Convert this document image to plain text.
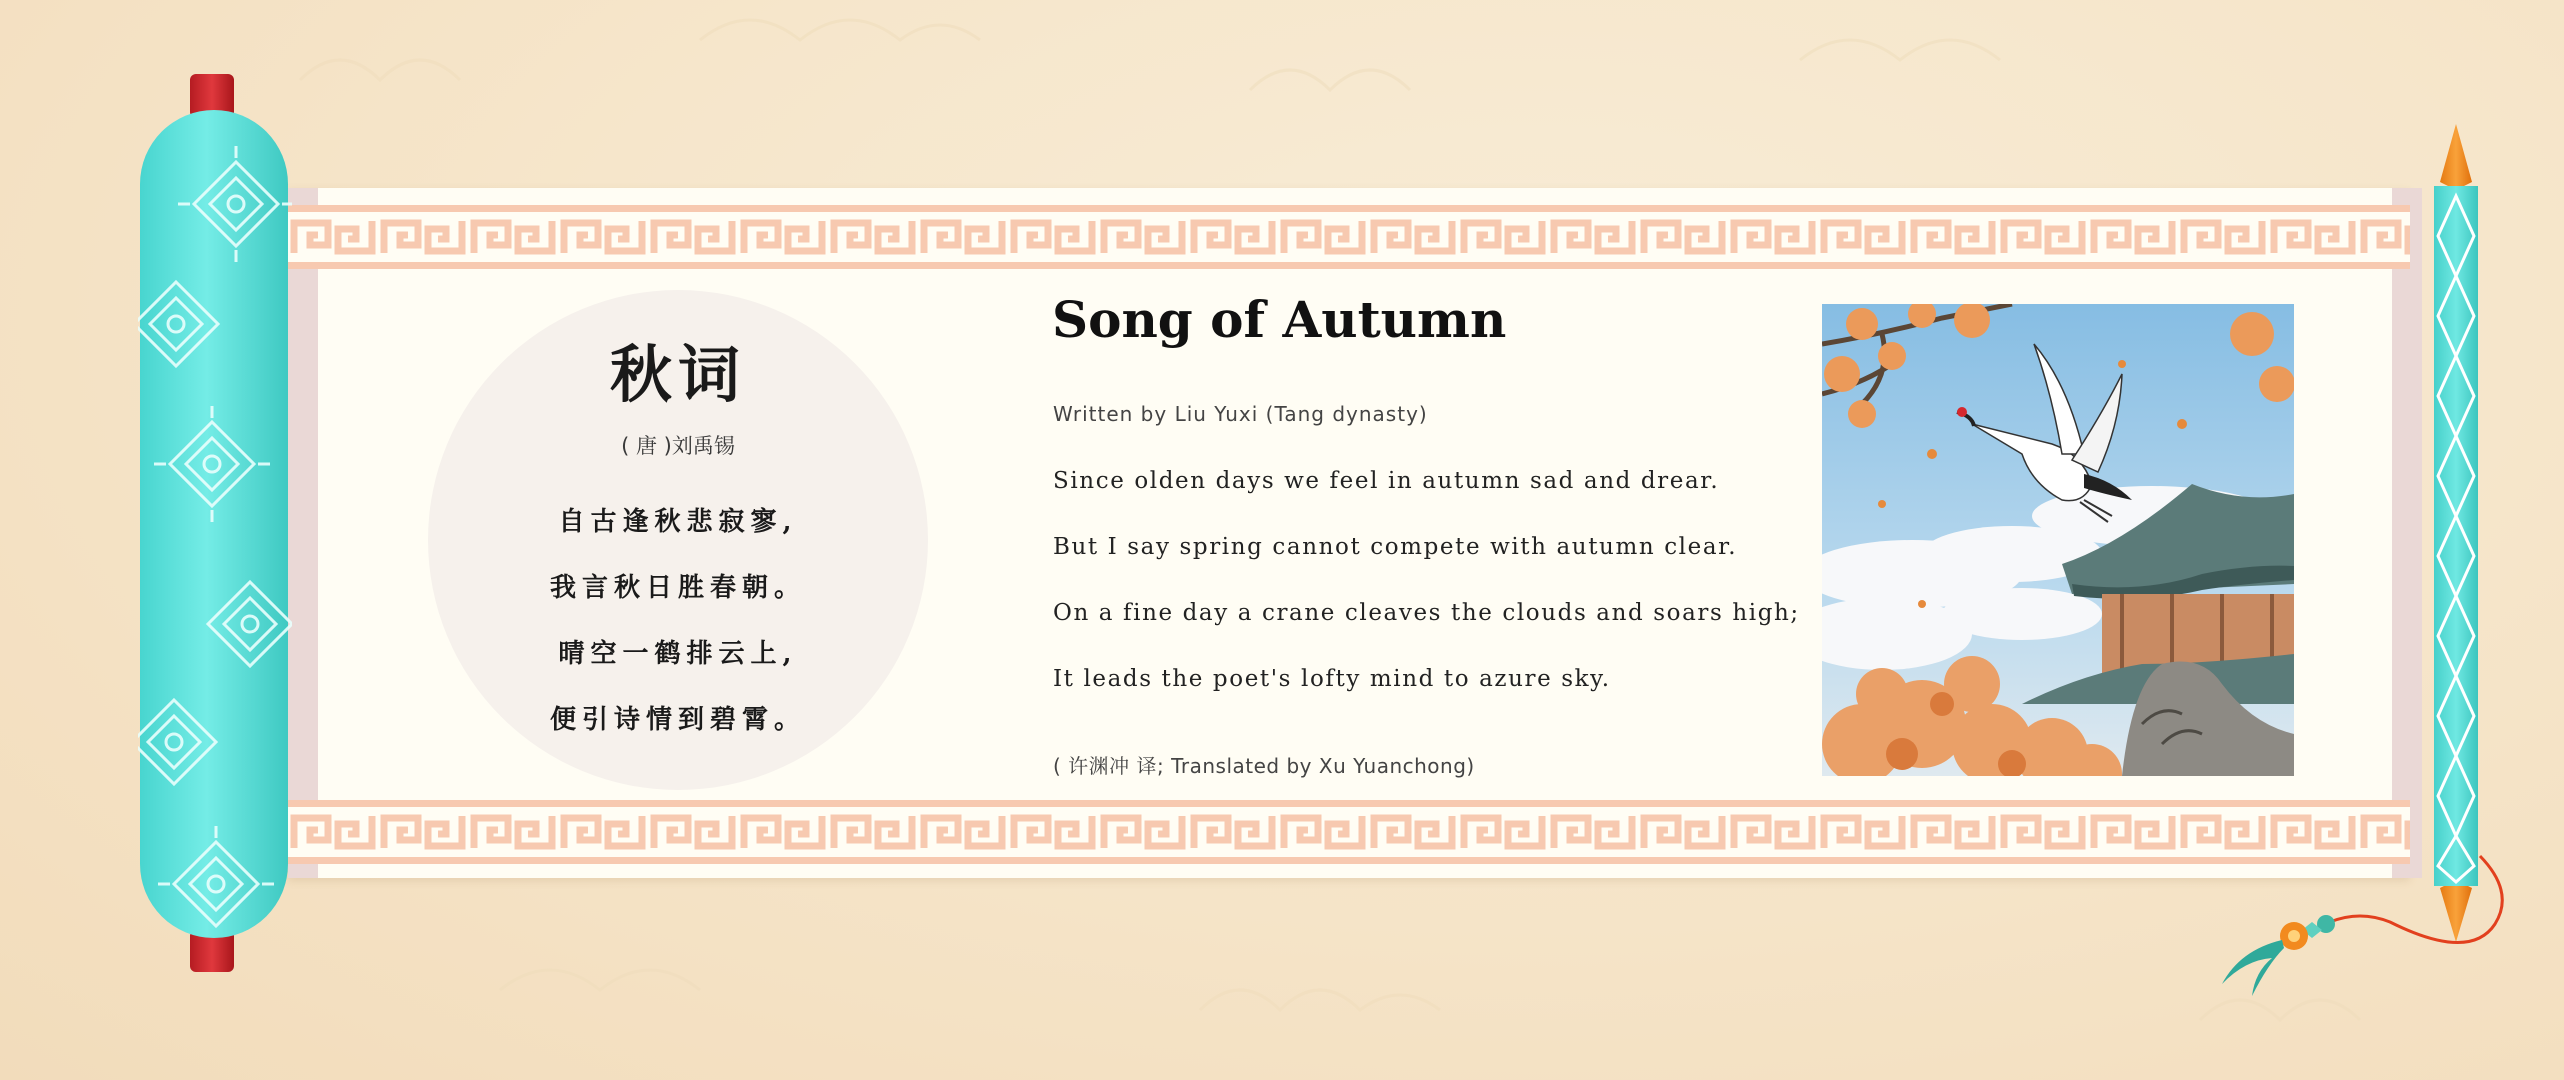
秋词
( 唐 )刘禹锡
自古逢秋悲寂寥,
我言秋日胜春朝。
晴空一鹤排云上,
便引诗情到碧霄。
Song of Autumn
Written by Liu Yuxi (Tang dynasty)
Since olden days we feel in autumn sad and drear.
But I say spring cannot compete with autumn clear.
On a fine day a crane cleaves the clouds and soars high;
It leads the poet's lofty mind to azure sky.
( 许渊冲 译; Translated by Xu Yuanchong)
